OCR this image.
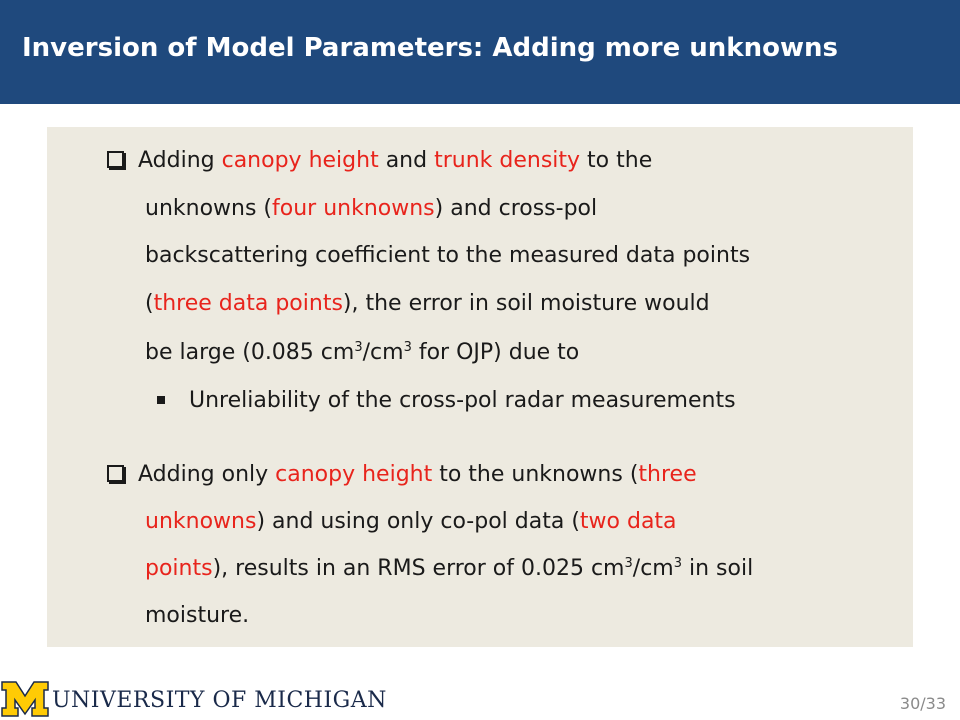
Inversion of Model Parameters: Adding more unknowns
Adding canopy height and trunk density to the
unknowns (four unknowns) and cross-pol
backscattering coefficient to the measured data points
(three data points), the error in soil moisture would
be large (0.085 $cm^3/cm^3$ for OJP) due to
Unreliability of the cross-pol radar measurements
Adding only canopy height to the unknowns (three
unknowns) and using only co-pol data (two data
points), results in an RMS error of 0.025 $cm^3/cm^3$ in soil
moisture.
UNIVERSITY OF MICHIGAN	30/33
